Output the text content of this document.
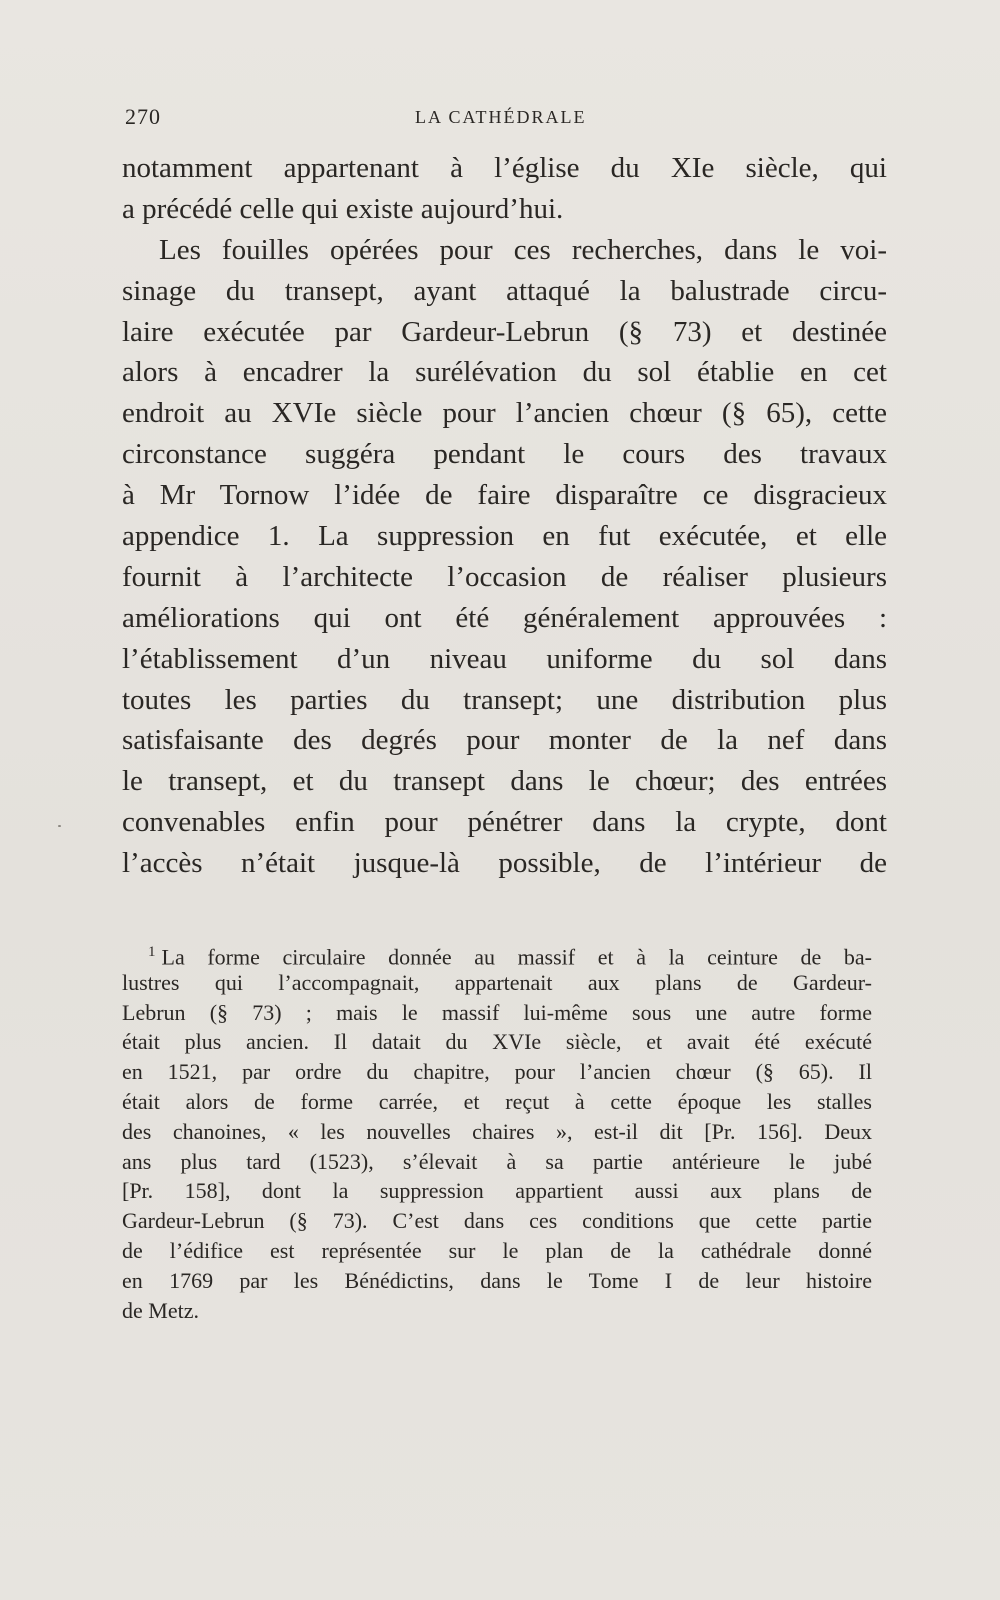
270	LA CATHÉDRALE
notamment appartenant à l’église du XIe siècle, qui
a précédé celle qui existe aujourd’hui.
Les fouilles opérées pour ces recherches, dans le voi-
sinage du transept, ayant attaqué la balustrade circu-
laire exécutée par Gardeur-Lebrun (§ 73) et destinée
alors à encadrer la surélévation du sol établie en cet
endroit au XVIe siècle pour l’ancien chœur (§ 65), cette
circonstance suggéra pendant le cours des travaux
à Mr Tornow l’idée de faire disparaître ce disgracieux
appendice 1. La suppression en fut exécutée, et elle
fournit à l’architecte l’occasion de réaliser plusieurs
améliorations qui ont été généralement approuvées :
l’établissement d’un niveau uniforme du sol dans
toutes les parties du transept; une distribution plus
satisfaisante des degrés pour monter de la nef dans
le transept, et du transept dans le chœur; des entrées
convenables enfin pour pénétrer dans la crypte, dont
l’accès n’était jusque-là possible, de l’intérieur de
$^1$ La forme circulaire donnée au massif et à la ceinture de ba-
lustres qui l’accompagnait, appartenait aux plans de Gardeur-
Lebrun (§ 73) ; mais le massif lui-même sous une autre forme
était plus ancien. Il datait du XVIe siècle, et avait été exécuté
en 1521, par ordre du chapitre, pour l’ancien chœur (§ 65). Il
était alors de forme carrée, et reçut à cette époque les stalles
des chanoines, « les nouvelles chaires », est-il dit [Pr. 156]. Deux
ans plus tard (1523), s’élevait à sa partie antérieure le jubé
[Pr. 158], dont la suppression appartient aussi aux plans de
Gardeur-Lebrun (§ 73). C’est dans ces conditions que cette partie
de l’édifice est représentée sur le plan de la cathédrale donné
en 1769 par les Bénédictins, dans le Tome I de leur histoire
de Metz.
